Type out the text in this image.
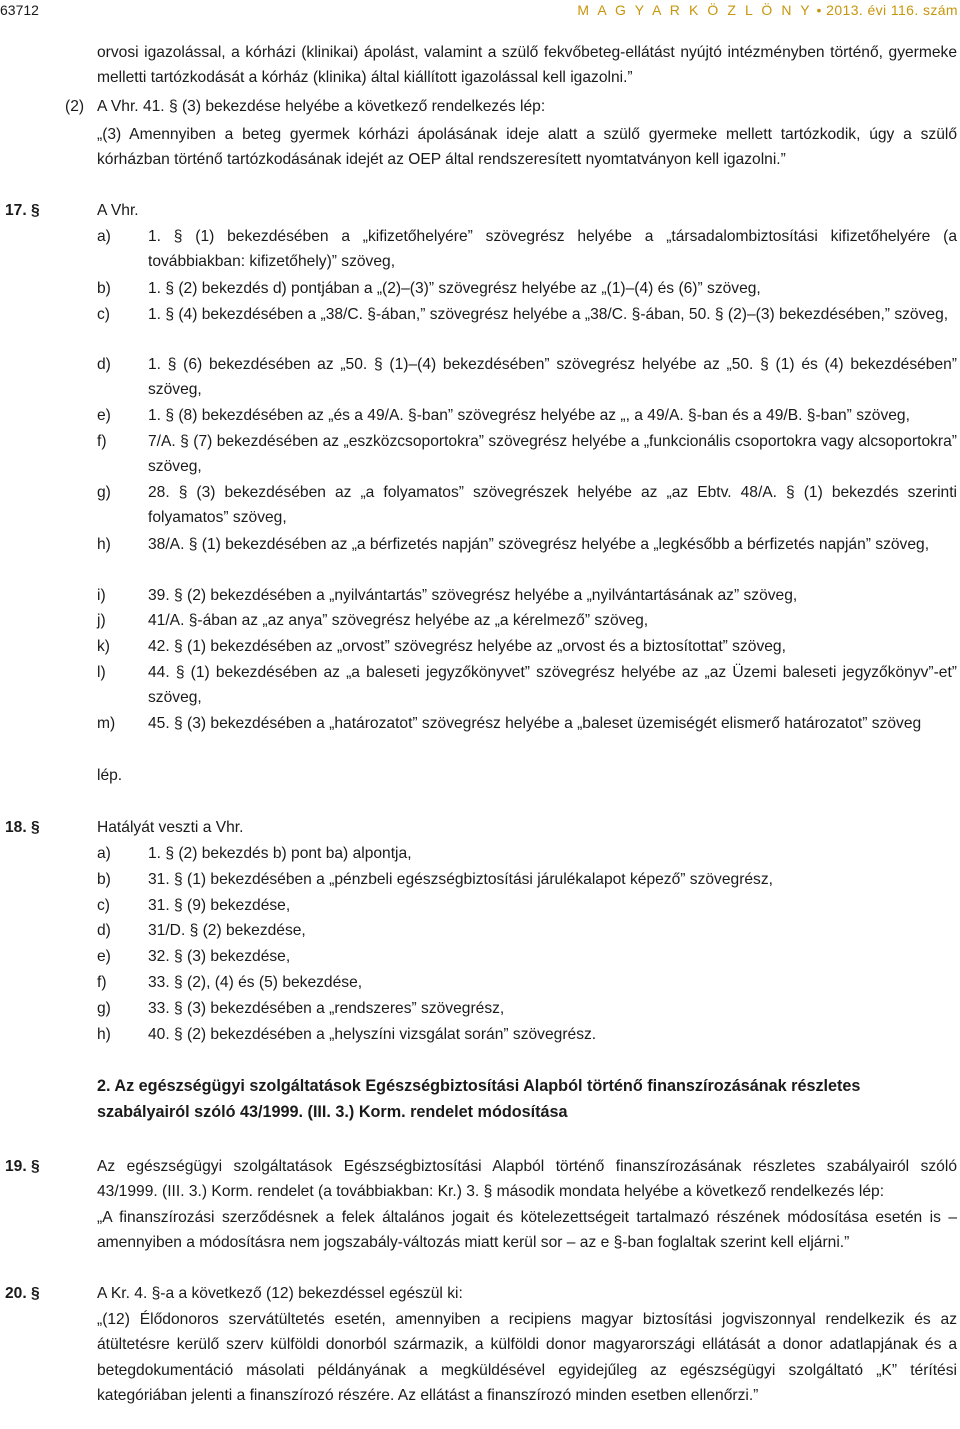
63712	M A G Y A R K Ö Z L Ö N Y • 2013. évi 116. szám

orvosi igazolással, a kórházi (klinikai) ápolást, valamint a szülő fekvőbeteg-ellátást nyújtó intézményben történő, gyermeke melletti tartózkodását a kórház (klinika) által kiállított igazolással kell igazolni.”

(2) A Vhr. 41. § (3) bekezdése helyébe a következő rendelkezés lép:

„(3) Amennyiben a beteg gyermek kórházi ápolásának ideje alatt a szülő gyermeke mellett tartózkodik, úgy a szülő kórházban történő tartózkodásának idejét az OEP által rendszeresített nyomtatványon kell igazolni.”

17. §	A Vhr.

a) 1. § (1) bekezdésében a „kifizetőhelyére” szövegrész helyébe a „társadalombiztosítási kifizetőhelyére (a továbbiakban: kifizetőhely)” szöveg,

b) 1. § (2) bekezdés d) pontjában a „(2)–(3)” szövegrész helyébe az „(1)–(4) és (6)” szöveg,

c) 1. § (4) bekezdésében a „38/C. §-ában,” szövegrész helyébe a „38/C. §-ában, 50. § (2)–(3) bekezdésében,” szöveg,

d) 1. § (6) bekezdésében az „50. § (1)–(4) bekezdésében” szövegrész helyébe az „50. § (1) és (4) bekezdésében” szöveg,

e) 1. § (8) bekezdésében az „és a 49/A. §-ban” szövegrész helyébe az „, a 49/A. §-ban és a 49/B. §-ban” szöveg,

f)	7/A. § (7) bekezdésében az „eszközcsoportokra” szövegrész helyébe a „funkcionális csoportokra vagy alcsoportokra” szöveg,

g) 28. § (3) bekezdésében az „a folyamatos” szövegrészek helyébe az „az Ebtv. 48/A. § (1) bekezdés szerinti folyamatos” szöveg,

h) 38/A. § (1) bekezdésében az „a bérfizetés napján” szövegrész helyébe a „legkésőbb a bérfizetés napján” szöveg,

i)	39. § (2) bekezdésében a „nyilvántartás” szövegrész helyébe a „nyilvántartásának az” szöveg,

j)	41/A. §-ában az „az anya” szövegrész helyébe az „a kérelmező” szöveg,

k) 42. § (1) bekezdésében az „orvost” szövegrész helyébe az „orvost és a biztosítottat” szöveg,

l)	44. § (1) bekezdésében az „a baleseti jegyzőkönyvet” szövegrész helyébe az „az Üzemi baleseti jegyzőkönyv”-et” szöveg,

m) 45. § (3) bekezdésében a „határozatot” szövegrész helyébe a „baleset üzemiségét elismerő határozatot” szöveg

lép.

18. §	Hatályát veszti a Vhr.

a) 1. § (2) bekezdés b) pont ba) alpontja,

b) 31. § (1) bekezdésében a „pénzbeli egészségbiztosítási járulékalapot képező” szövegrész,

c) 31. § (9) bekezdése,

d) 31/D. § (2) bekezdése,

e) 32. § (3) bekezdése,

f)	33. § (2), (4) és (5) bekezdése,

g) 33. § (3) bekezdésében a „rendszeres” szövegrész,

h) 40. § (2) bekezdésében a „helyszíni vizsgálat során” szövegrész.

2. Az egészségügyi szolgáltatások Egészségbiztosítási Alapból történő finanszírozásának részletes szabályairól szóló 43/1999. (III. 3.) Korm. rendelet módosítása

19. §	Az egészségügyi szolgáltatások Egészségbiztosítási Alapból történő finanszírozásának részletes szabályairól szóló 43/1999. (III. 3.) Korm. rendelet (a továbbiakban: Kr.) 3. § második mondata helyébe a következő rendelkezés lép:

„A finanszírozási szerződésnek a felek általános jogait és kötelezettségeit tartalmazó részének módosítása esetén is – amennyiben a módosításra nem jogszabály-változás miatt kerül sor – az e §-ban foglaltak szerint kell eljárni.”

20. §	A Kr. 4. §-a a következő (12) bekezdéssel egészül ki:

„(12) Élődonoros szervátültetés esetén, amennyiben a recipiens magyar biztosítási jogviszonnyal rendelkezik és az átültetésre kerülő szerv külföldi donorból származik, a külföldi donor magyarországi ellátását a donor adatlapjának és a betegdokumentáció másolati példányának a megküldésével egyidejűleg az egészségügyi szolgáltató „K” térítési kategóriában jelenti a finanszírozó részére. Az ellátást a finanszírozó minden esetben ellenőrzi.”
